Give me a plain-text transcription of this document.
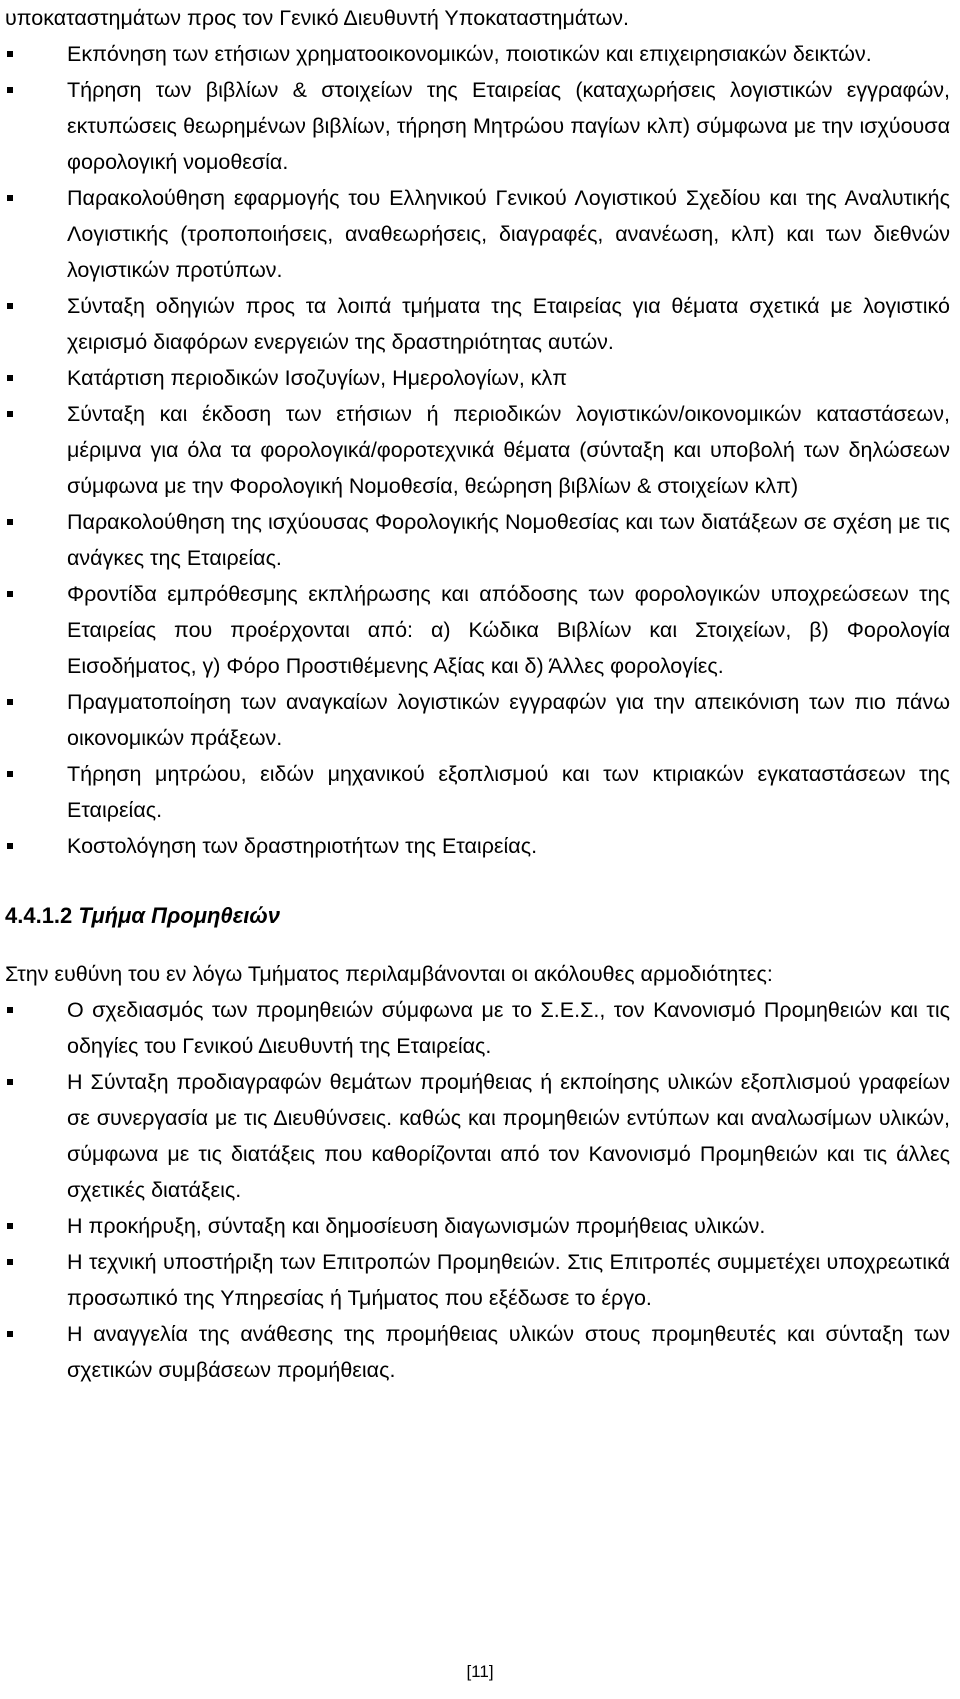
υποκαταστημάτων προς τον Γενικό Διευθυντή Υποκαταστημάτων.

Εκπόνηση των ετήσιων χρηματοοικονομικών, ποιοτικών και επιχειρησιακών δεικτών.
Τήρηση των βιβλίων & στοιχείων της Εταιρείας (καταχωρήσεις λογιστικών εγγραφών, εκτυπώσεις θεωρημένων βιβλίων, τήρηση Μητρώου παγίων κλπ) σύμφωνα με την ισχύουσα φορολογική νομοθεσία.
Παρακολούθηση εφαρμογής του Ελληνικού Γενικού Λογιστικού Σχεδίου και της Αναλυτικής Λογιστικής (τροποποιήσεις, αναθεωρήσεις, διαγραφές, ανανέωση, κλπ) και των διεθνών λογιστικών προτύπων.
Σύνταξη οδηγιών προς τα λοιπά τμήματα της Εταιρείας για θέματα σχετικά με λογιστικό χειρισμό διαφόρων ενεργειών της δραστηριότητας αυτών.
Κατάρτιση περιοδικών Ισοζυγίων, Ημερολογίων, κλπ
Σύνταξη και έκδοση των ετήσιων ή περιοδικών λογιστικών/οικονομικών καταστάσεων, μέριμνα για όλα τα φορολογικά/φοροτεχνικά θέματα (σύνταξη και υποβολή των δηλώσεων σύμφωνα με την Φορολογική Νομοθεσία, θεώρηση βιβλίων & στοιχείων κλπ)
Παρακολούθηση της ισχύουσας Φορολογικής Νομοθεσίας και των διατάξεων σε σχέση με τις ανάγκες της Εταιρείας.
Φροντίδα εμπρόθεσμης εκπλήρωσης και απόδοσης των φορολογικών υποχρεώσεων της Εταιρείας που προέρχονται από: α) Κώδικα Βιβλίων και Στοιχείων, β) Φορολογία Εισοδήματος, γ) Φόρο Προστιθέμενης Αξίας και δ) Άλλες φορολογίες.
Πραγματοποίηση των αναγκαίων λογιστικών εγγραφών για την απεικόνιση των πιο πάνω οικονομικών πράξεων.
Τήρηση μητρώου, ειδών μηχανικού εξοπλισμού και των κτιριακών εγκαταστάσεων της Εταιρείας.
Κοστολόγηση των δραστηριοτήτων της Εταιρείας.
4.4.1.2 Τμήμα Προμηθειών

Στην ευθύνη του εν λόγω Τμήματος περιλαμβάνονται οι ακόλουθες αρμοδιότητες:

Ο σχεδιασμός των προμηθειών σύμφωνα με το Σ.Ε.Σ., τον Κανονισμό Προμηθειών και τις οδηγίες του Γενικού Διευθυντή της Εταιρείας.
Η Σύνταξη προδιαγραφών θεμάτων προμήθειας ή εκποίησης υλικών εξοπλισμού γραφείων σε συνεργασία με τις Διευθύνσεις. καθώς και προμηθειών εντύπων και αναλωσίμων υλικών, σύμφωνα με τις διατάξεις που καθορίζονται από τον Κανονισμό Προμηθειών και τις άλλες σχετικές διατάξεις.
Η προκήρυξη, σύνταξη και δημοσίευση διαγωνισμών προμήθειας υλικών.
Η τεχνική υποστήριξη των Επιτροπών Προμηθειών. Στις Επιτροπές συμμετέχει υποχρεωτικά προσωπικό της Υπηρεσίας ή Τμήματος που εξέδωσε το έργο.
Η αναγγελία της ανάθεσης της προμήθειας υλικών στους προμηθευτές και σύνταξη των σχετικών συμβάσεων προμήθειας.
[11]
